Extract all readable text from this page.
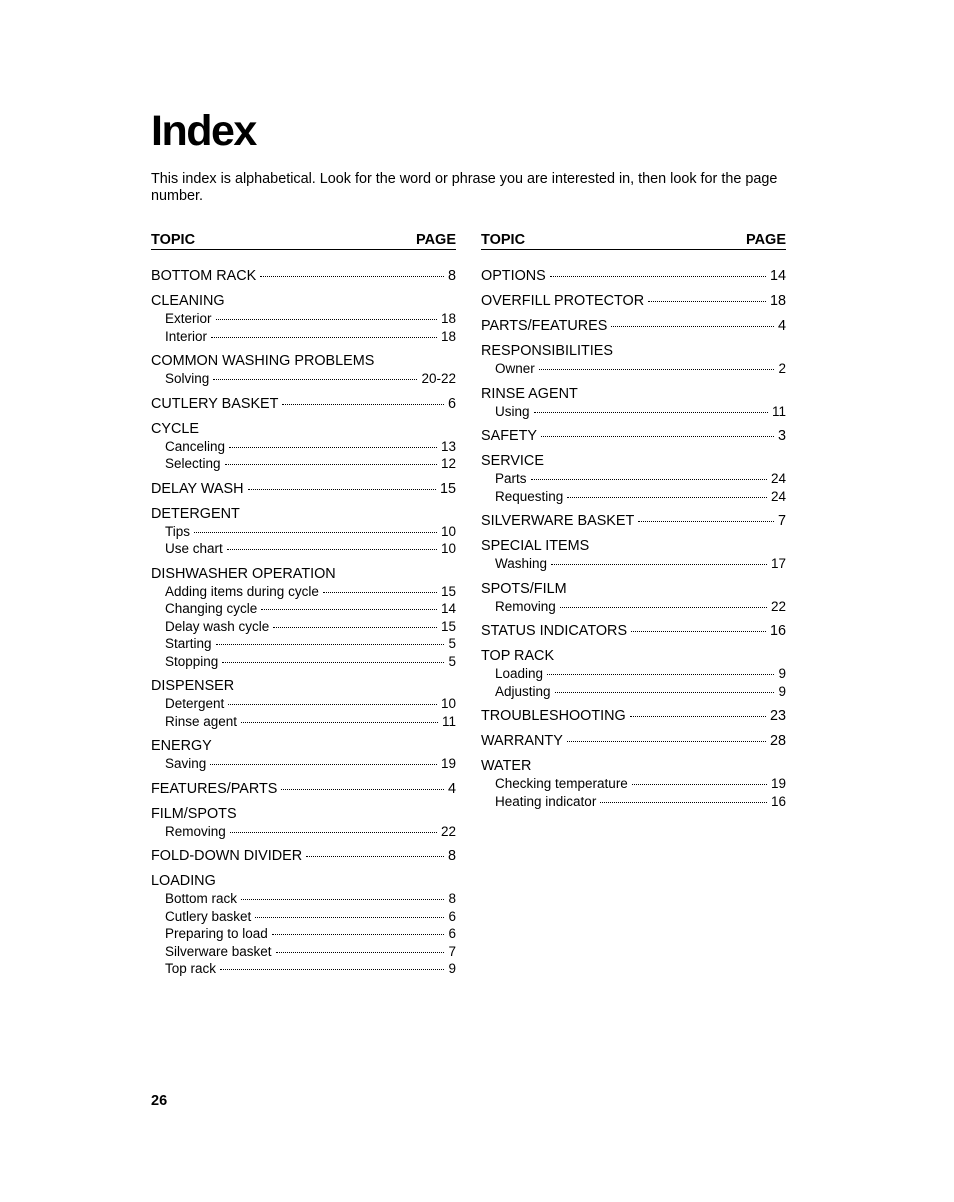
Index

This index is alphabetical. Look for the word or phrase you are interested in, then look for the page number.

TOPIC	PAGE
BOTTOM RACK	8
CLEANING
Exterior	18
Interior	18
COMMON WASHING PROBLEMS
Solving	20-22
CUTLERY BASKET	6
CYCLE
Canceling	13
Selecting	12
DELAY WASH	15
DETERGENT
Tips	10
Use chart	10
DISHWASHER OPERATION
Adding items during cycle	15
Changing cycle	14
Delay wash cycle	15
Starting	5
Stopping	5
DISPENSER
Detergent	10
Rinse agent	11
ENERGY
Saving	19
FEATURES/PARTS	4
FILM/SPOTS
Removing	22
FOLD-DOWN DIVIDER	8
LOADING
Bottom rack	8
Cutlery basket	6
Preparing to load	6
Silverware basket	7
Top rack	9
TOPIC	PAGE
OPTIONS	14
OVERFILL PROTECTOR	18
PARTS/FEATURES	4
RESPONSIBILITIES
Owner	2
RINSE AGENT
Using	11
SAFETY	3
SERVICE
Parts	24
Requesting	24
SILVERWARE BASKET	7
SPECIAL ITEMS
Washing	17
SPOTS/FILM
Removing	22
STATUS INDICATORS	16
TOP RACK
Loading	9
Adjusting	9
TROUBLESHOOTING	23
WARRANTY	28
WATER
Checking temperature	19
Heating indicator	16

26
